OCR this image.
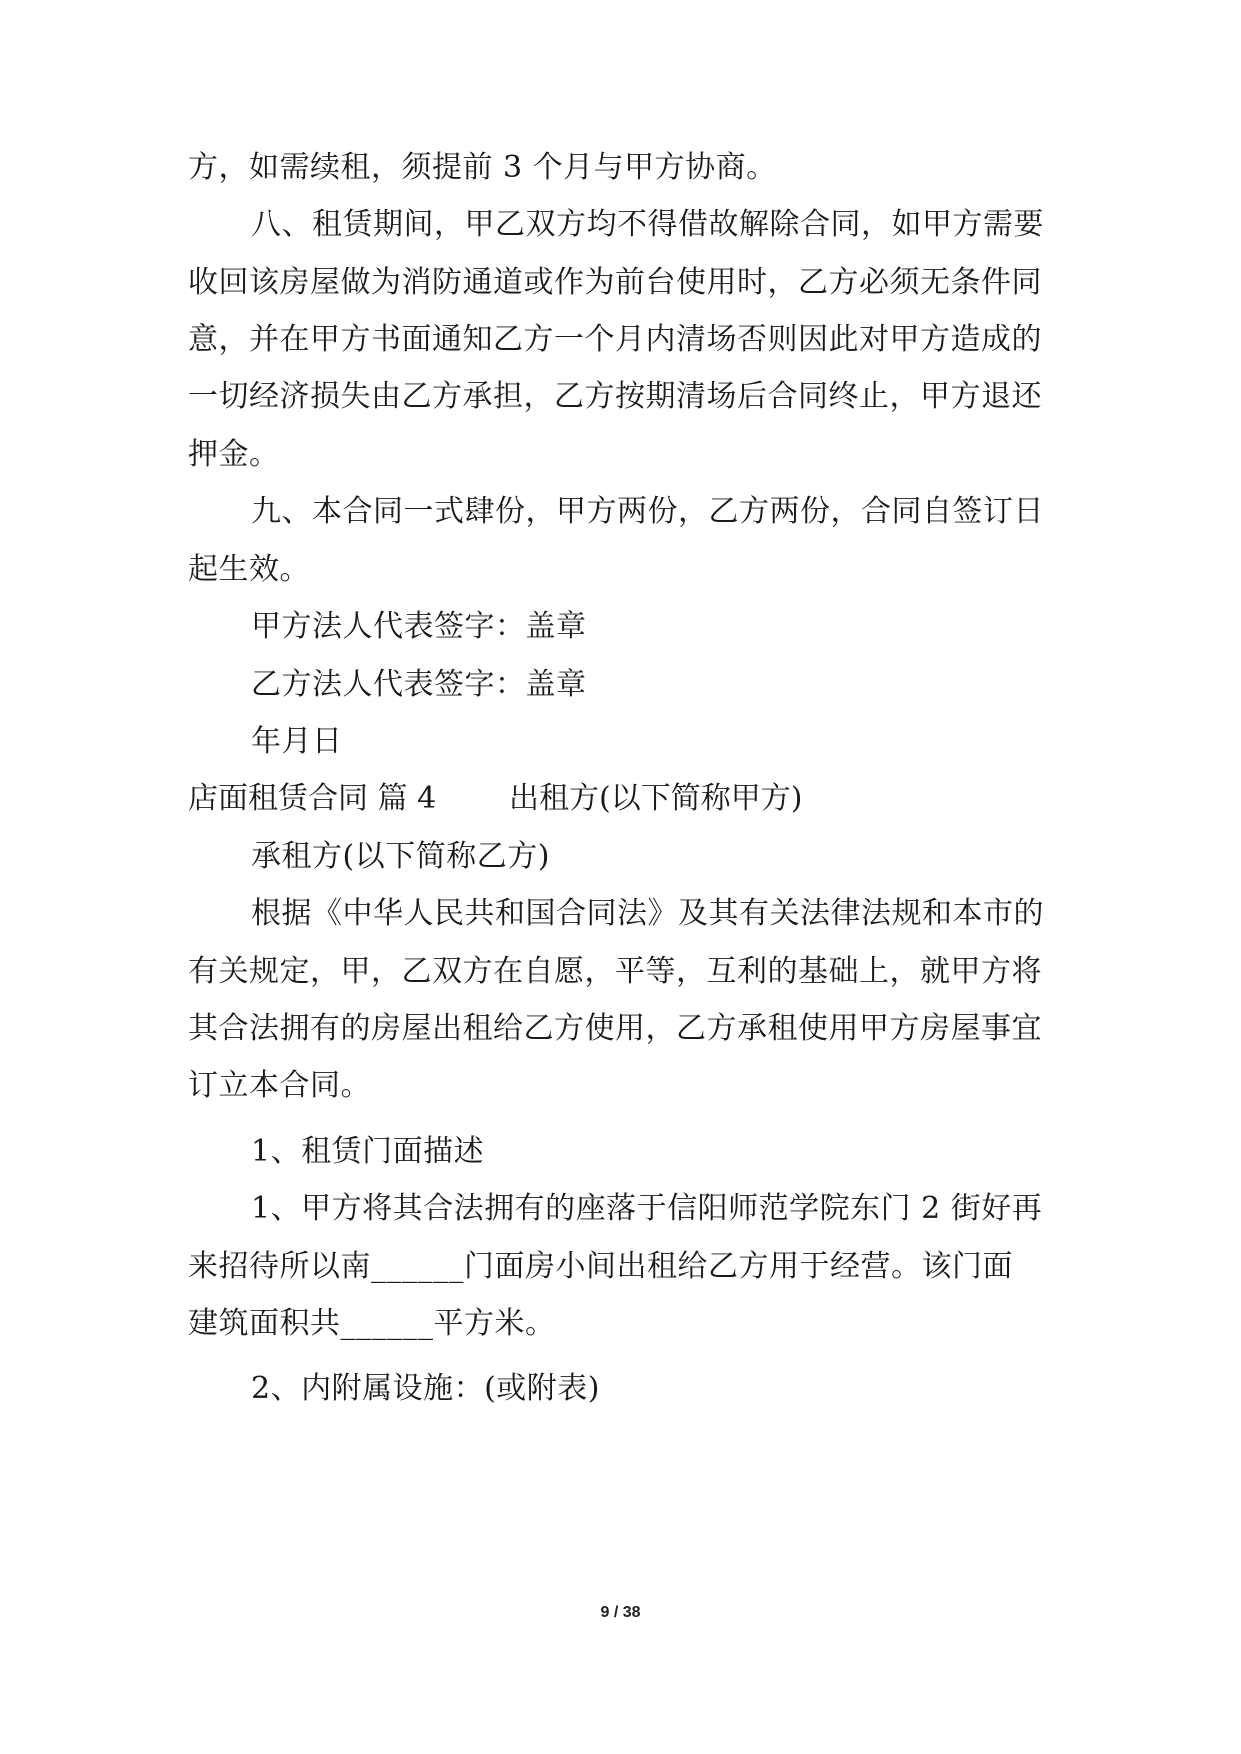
方，如需续租，须提前 3 个月与甲方协商。
八、租赁期间，甲乙双方均不得借故解除合同，如甲方需要
收回该房屋做为消防通道或作为前台使用时，乙方必须无条件同
意，并在甲方书面通知乙方一个月内清场否则因此对甲方造成的
一切经济损失由乙方承担，乙方按期清场后合同终止，甲方退还
押金。
九、本合同一式肆份，甲方两份，乙方两份，合同自签订日
起生效。
甲方法人代表签字：盖章
乙方法人代表签字：盖章
年月日
店面租赁合同 篇 4 出租方(以下简称甲方)
承租方(以下简称乙方)
根据《中华人民共和国合同法》及其有关法律法规和本市的
有关规定，甲，乙双方在自愿，平等，互利的基础上，就甲方将
其合法拥有的房屋出租给乙方使用，乙方承租使用甲方房屋事宜
订立本合同。
1、租赁门面描述
1、甲方将其合法拥有的座落于信阳师范学院东门 2 街好再
来招待所以南______门面房小间出租给乙方用于经营。该门面
建筑面积共______平方米。
2、内附属设施：(或附表)
9 / 38
